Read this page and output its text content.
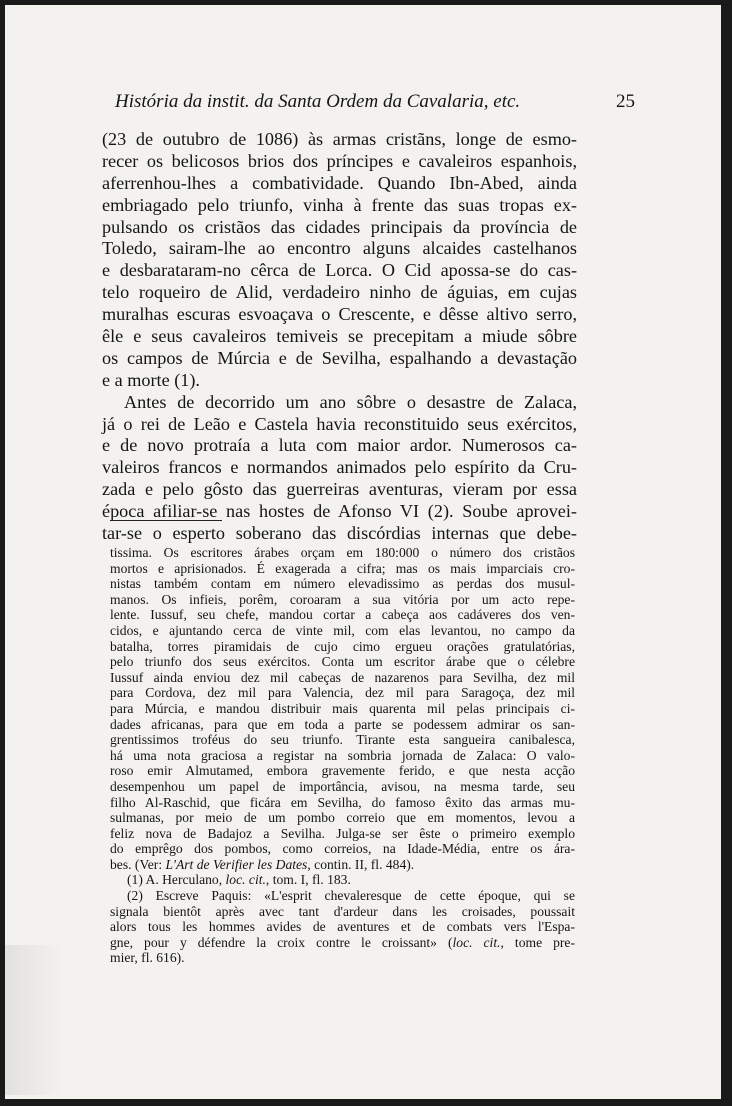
História da instit. da Santa Ordem da Cavalaria, etc.	25
(23 de outubro de 1086) às armas cristãns, longe de esmo-
recer os belicosos brios dos príncipes e cavaleiros espanhois,
aferrenhou-lhes a combatividade. Quando Ibn-Abed, ainda
embriagado pelo triunfo, vinha à frente das suas tropas ex-
pulsando os cristãos das cidades principais da província de
Toledo, sairam-lhe ao encontro alguns alcaides castelhanos
e desbarataram-no cêrca de Lorca. O Cid apossa-se do cas-
telo roqueiro de Alid, verdadeiro ninho de águias, em cujas
muralhas escuras esvoaçava o Crescente, e dêsse altivo serro,
êle e seus cavaleiros temiveis se precepitam a miude sôbre
os campos de Múrcia e de Sevilha, espalhando a devastação
e a morte (1).
Antes de decorrido um ano sôbre o desastre de Zalaca,
já o rei de Leão e Castela havia reconstituido seus exércitos,
e de novo protraía a luta com maior ardor. Numerosos ca-
valeiros francos e normandos animados pelo espírito da Cru-
zada e pelo gôsto das guerreiras aventuras, vieram por essa
época afiliar-se nas hostes de Afonso VI (2). Soube aprovei-
tar-se o esperto soberano das discórdias internas que debe-
tissima. Os escritores árabes orçam em 180:000 o número dos cristãos
mortos e aprisionados. É exagerada a cifra; mas os mais imparciais cro-
nistas também contam em número elevadissimo as perdas dos musul-
manos. Os infieis, porêm, coroaram a sua vitória por um acto repe-
lente. Iussuf, seu chefe, mandou cortar a cabeça aos cadáveres dos ven-
cidos, e ajuntando cerca de vinte mil, com elas levantou, no campo da
batalha, torres piramidais de cujo cimo ergueu orações gratulatórias,
pelo triunfo dos seus exércitos. Conta um escritor árabe que o célebre
Iussuf ainda enviou dez mil cabeças de nazarenos para Sevilha, dez mil
para Cordova, dez mil para Valencia, dez mil para Saragoça, dez mil
para Múrcia, e mandou distribuir mais quarenta mil pelas principais ci-
dades africanas, para que em toda a parte se podessem admirar os san-
grentissimos troféus do seu triunfo. Tirante esta sangueira canibalesca,
há uma nota graciosa a registar na sombria jornada de Zalaca: O valo-
roso emir Almutamed, embora gravemente ferido, e que nesta acção
desempenhou um papel de importância, avisou, na mesma tarde, seu
filho Al-Raschid, que ficára em Sevilha, do famoso êxito das armas mu-
sulmanas, por meio de um pombo correio que em momentos, levou a
feliz nova de Badajoz a Sevilha. Julga-se ser êste o primeiro exemplo
do emprêgo dos pombos, como correios, na Idade-Média, entre os ára-
bes. (Ver: L'Art de Verifier les Dates, contin. II, fl. 484).
(1) A. Herculano, loc. cit., tom. I, fl. 183.
(2) Escreve Paquis: «L'esprit chevaleresque de cette époque, qui se
signala bientôt après avec tant d'ardeur dans les croisades, poussait
alors tous les hommes avides de aventures et de combats vers l'Espa-
gne, pour y défendre la croix contre le croissant» (loc. cit., tome pre-
mier, fl. 616).
